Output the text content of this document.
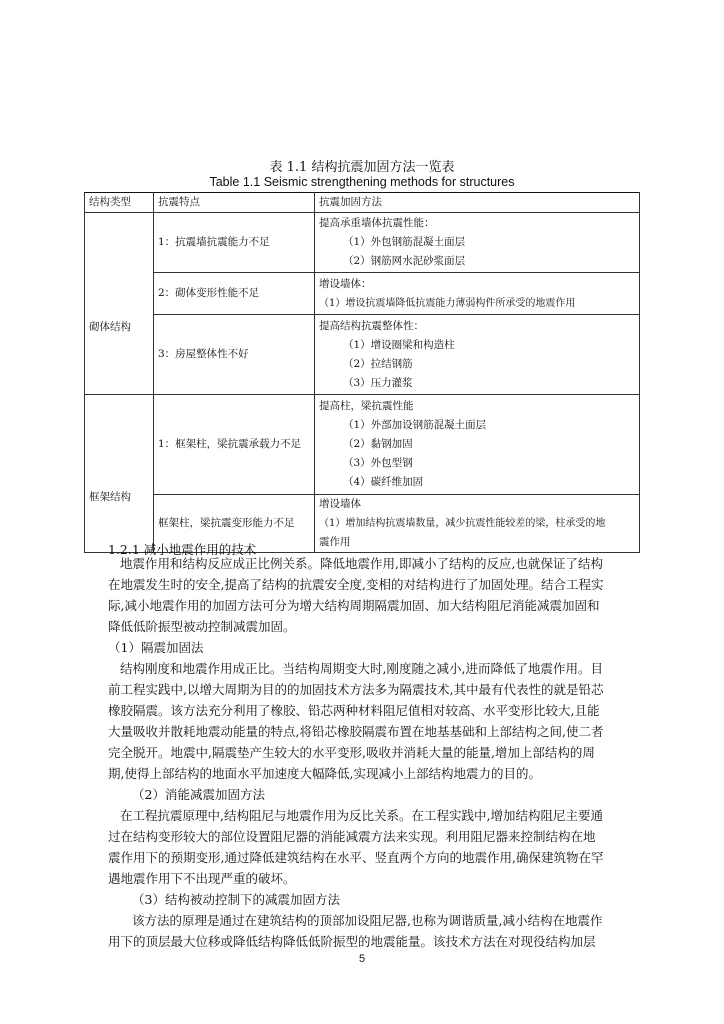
表 1.1 结构抗震加固方法一览表
Table 1.1 Seismic strengthening methods for structures
结构类型	抗震特点	抗震加固方法
砌体结构	1：抗震墙抗震能力不足	提高承重墙体抗震性能：
（1）外包钢筋混凝土面层
（2）钢筋网水泥砂浆面层

	2：砌体变形性能不足	增设墙体：
（1）增设抗震墙降低抗震能力薄弱构件所承受的地震作用

	3：房屋整体性不好	提高结构抗震整体性：
（1）增设圈梁和构造柱
（2）拉结钢筋
（3）压力灌浆

框架结构	1：框架柱，梁抗震承载力不足	提高柱，梁抗震性能
（1）外部加设钢筋混凝土面层
（2）黏钢加固
（3）外包型钢
（4）碳纤维加固

	框架柱，梁抗震变形能力不足	增设墙体
（1）增加结构抗震墙数量，减少抗震性能较差的梁，柱承受的地
震作用
1.2.1 减小地震作用的技术

地震作用和结构反应成正比例关系。降低地震作用,即减小了结构的反应,也就保证了结构

在地震发生时的安全,提高了结构的抗震安全度,变相的对结构进行了加固处理。结合工程实
际,减小地震作用的加固方法可分为增大结构周期隔震加固、加大结构阻尼消能减震加固和
降低低阶振型被动控制减震加固。

（1）隔震加固法

结构刚度和地震作用成正比。当结构周期变大时,刚度随之减小,进而降低了地震作用。目
前工程实践中,以增大周期为目的的加固技术方法多为隔震技术,其中最有代表性的就是铅芯
橡胶隔震。该方法充分利用了橡胶、铅芯两种材料阻尼值相对较高、水平变形比较大,且能
大量吸收并散耗地震动能量的特点,将铅芯橡胶隔震布置在地基基础和上部结构之间,使二者
完全脱开。地震中,隔震垫产生较大的水平变形,吸收并消耗大量的能量,增加上部结构的周
期,使得上部结构的地面水平加速度大幅降低,实现减小上部结构地震力的目的。

（2）消能减震加固方法

在工程抗震原理中,结构阻尼与地震作用为反比关系。在工程实践中,增加结构阻尼主要通
过在结构变形较大的部位设置阻尼器的消能减震方法来实现。利用阻尼器来控制结构在地
震作用下的预期变形,通过降低建筑结构在水平、竖直两个方向的地震作用,确保建筑物在罕
遇地震作用下不出现严重的破坏。

（3）结构被动控制下的减震加固方法

该方法的原理是通过在建筑结构的顶部加设阻尼器,也称为调谐质量,减小结构在地震作
用下的顶层最大位移或降低结构降低低阶振型的地震能量。该技术方法在对现役结构加层

5
